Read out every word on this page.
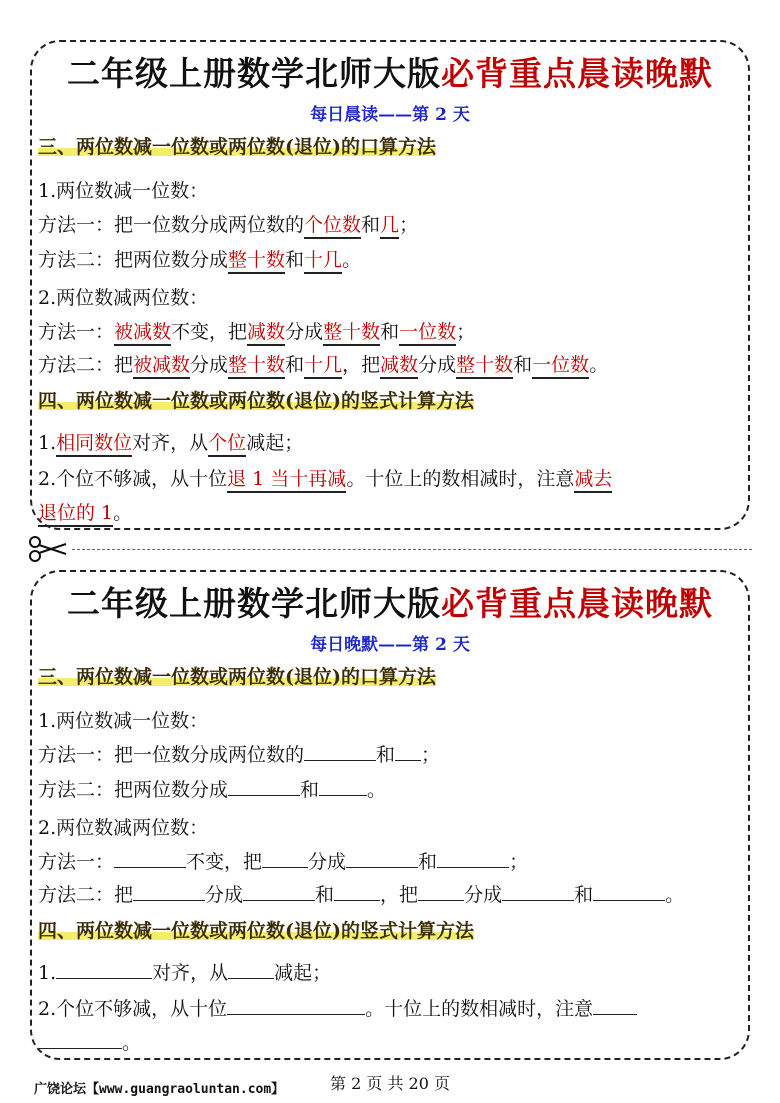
二年级上册数学北师大版必背重点晨读晚默
每日晨读——第 2 天
三、两位数减一位数或两位数(退位)的口算方法
1.两位数减一位数：
方法一：把一位数分成两位数的个位数和几；
方法二：把两位数分成整十数和十几。
2.两位数减两位数：
方法一：被减数不变，把减数分成整十数和一位数；
方法二：把被减数分成整十数和十几，把减数分成整十数和一位数。
四、两位数减一位数或两位数(退位)的竖式计算方法
1.相同数位对齐，从个位减起；
2.个位不够减，从十位退 1 当十再减。十位上的数相减时，注意减去
退位的 1。
二年级上册数学北师大版必背重点晨读晚默
每日晚默——第 2 天
三、两位数减一位数或两位数(退位)的口算方法
1.两位数减一位数：
方法一：把一位数分成两位数的	和 ；
方法二：把两位数分成	和	。
2.两位数减两位数：
方法一：	不变，把 分成	和	；
方法二：把	分成	和 ，把 分成	和	。
四、两位数减一位数或两位数(退位)的竖式计算方法
1.	对齐，从 减起；
2.个位不够减，从十位	。十位上的数相减时，注意
。
第 2 页 共 20 页
广饶论坛【www.guangraoluntan.com】
